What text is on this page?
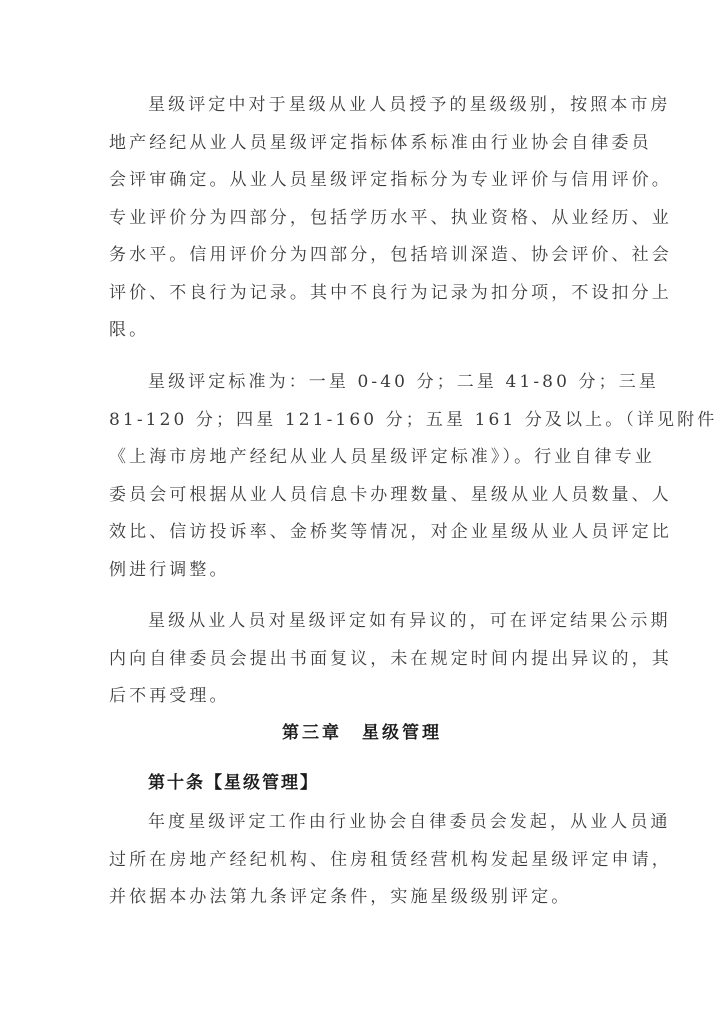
星级评定中对于星级从业人员授予的星级级别，按照本市房
地产经纪从业人员星级评定指标体系标准由行业协会自律委员
会评审确定。从业人员星级评定指标分为专业评价与信用评价。
专业评价分为四部分，包括学历水平、执业资格、从业经历、业
务水平。信用评价分为四部分，包括培训深造、协会评价、社会
评价、不良行为记录。其中不良行为记录为扣分项，不设扣分上
限。
星级评定标准为：一星 0-40 分；二星 41-80 分；三星
81-120 分；四星 121-160 分；五星 161 分及以上。（详见附件
《上海市房地产经纪从业人员星级评定标准》）。行业自律专业
委员会可根据从业人员信息卡办理数量、星级从业人员数量、人
效比、信访投诉率、金桥奖等情况，对企业星级从业人员评定比
例进行调整。
星级从业人员对星级评定如有异议的，可在评定结果公示期
内向自律委员会提出书面复议，未在规定时间内提出异议的，其
后不再受理。
第三章　星级管理
第十条【星级管理】
年度星级评定工作由行业协会自律委员会发起，从业人员通
过所在房地产经纪机构、住房租赁经营机构发起星级评定申请，
并依据本办法第九条评定条件，实施星级级别评定。
